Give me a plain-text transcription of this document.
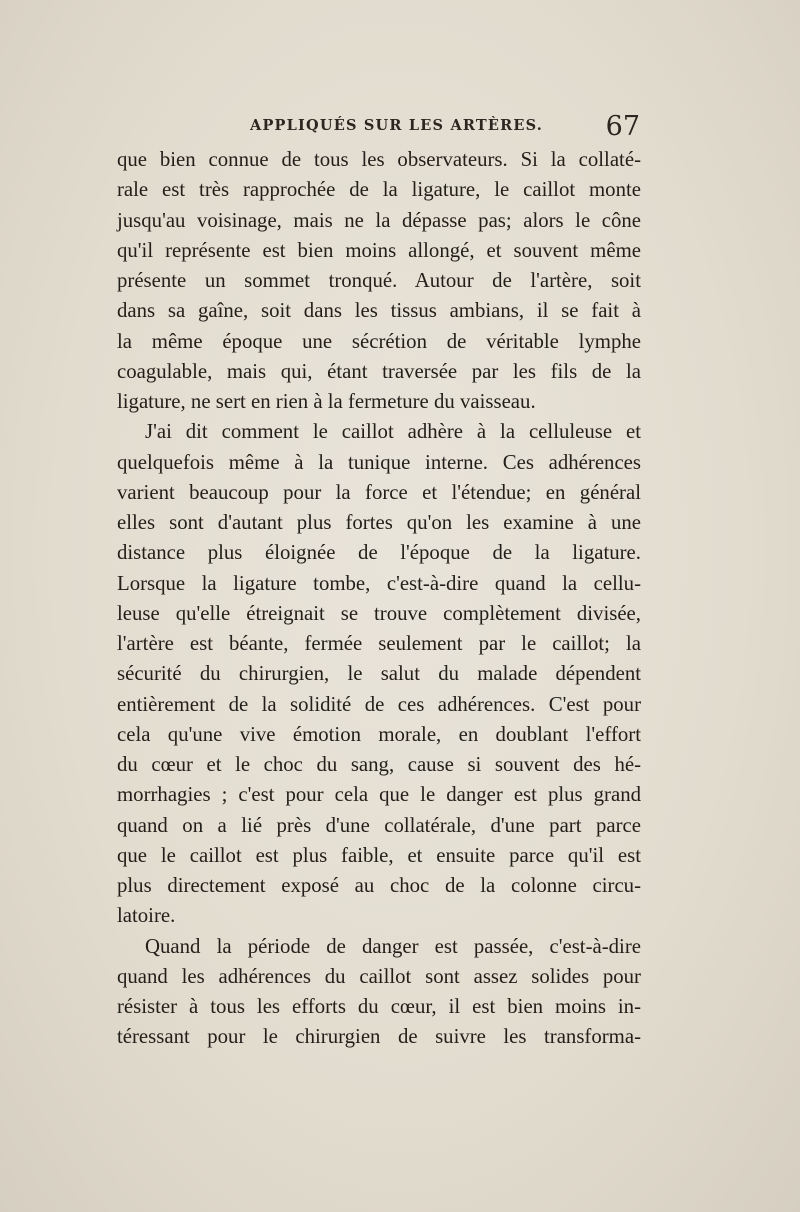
APPLIQUÉS SUR LES ARTÈRES. 67
que bien connue de tous les observateurs. Si la collaté-
rale est très rapprochée de la ligature, le caillot monte
jusqu'au voisinage, mais ne la dépasse pas; alors le cône
qu'il représente est bien moins allongé, et souvent même
présente un sommet tronqué. Autour de l'artère, soit
dans sa gaîne, soit dans les tissus ambians, il se fait à
la même époque une sécrétion de véritable lymphe
coagulable, mais qui, étant traversée par les fils de la
ligature, ne sert en rien à la fermeture du vaisseau.
J'ai dit comment le caillot adhère à la celluleuse et
quelquefois même à la tunique interne. Ces adhérences
varient beaucoup pour la force et l'étendue; en général
elles sont d'autant plus fortes qu'on les examine à une
distance plus éloignée de l'époque de la ligature.
Lorsque la ligature tombe, c'est-à-dire quand la cellu-
leuse qu'elle étreignait se trouve complètement divisée,
l'artère est béante, fermée seulement par le caillot; la
sécurité du chirurgien, le salut du malade dépendent
entièrement de la solidité de ces adhérences. C'est pour
cela qu'une vive émotion morale, en doublant l'effort
du cœur et le choc du sang, cause si souvent des hé-
morrhagies ; c'est pour cela que le danger est plus grand
quand on a lié près d'une collatérale, d'une part parce
que le caillot est plus faible, et ensuite parce qu'il est
plus directement exposé au choc de la colonne circu-
latoire.
Quand la période de danger est passée, c'est-à-dire
quand les adhérences du caillot sont assez solides pour
résister à tous les efforts du cœur, il est bien moins in-
téressant pour le chirurgien de suivre les transforma-
